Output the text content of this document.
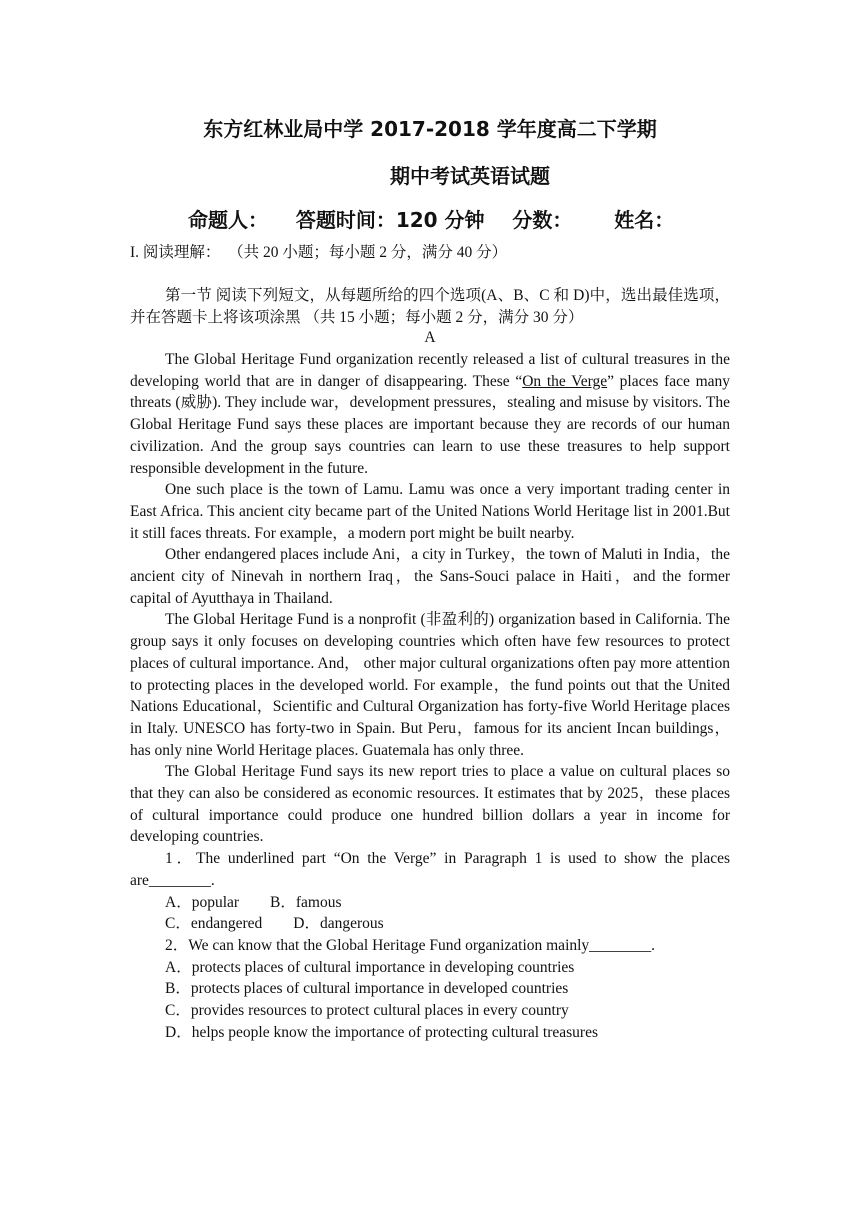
东方红林业局中学 2017-2018 学年度高二下学期
期中考试英语试题
命题人：    答题时间：120 分钟    分数：      姓名：
I. 阅读理解：  （共 20 小题；每小题 2 分，满分 40 分）
第一节 阅读下列短文，从每题所给的四个选项(A、B、C 和 D)中，选出最佳选项，并在答题卡上将该项涂黑 （共 15 小题；每小题 2 分，满分 30 分）
A

The Global Heritage Fund organization recently released a list of cultural treasures in the developing world that are in danger of disappearing. These “On the Verge” places face many threats (威胁). They include war，development pressures，stealing and misuse by visitors. The Global Heritage Fund says these places are important because they are records of our human civilization. And the group says countries can learn to use these treasures to help support responsible development in the future.

One such place is the town of Lamu. Lamu was once a very important trading center in East Africa. This ancient city became part of the United Nations World Heritage list in 2001.But it still faces threats. For example，a modern port might be built nearby.

Other endangered places include Ani，a city in Turkey，the town of Maluti in India，the ancient city of Ninevah in northern Iraq，the Sans-Souci palace in Haiti，and the former capital of Ayutthaya in Thailand.

The Global Heritage Fund is a nonprofit (非盈利的) organization based in California. The group says it only focuses on developing countries which often have few resources to protect places of cultural importance. And， other major cultural organizations often pay more attention to protecting places in the developed world. For example，the fund points out that the United Nations Educational，Scientific and Cultural Organization has forty-five World Heritage places in Italy. UNESCO has forty-two in Spain. But Peru，famous for its ancient Incan buildings，has only nine World Heritage places. Guatemala has only three.

The Global Heritage Fund says its new report tries to place a value on cultural places so that they can also be considered as economic resources. It estimates that by 2025，these places of cultural importance could produce one hundred billion dollars a year in income for developing countries.

1．The underlined part “On the Verge” in Paragraph 1 is used to show the places are________.

A．popular        B．famous
C．endangered        D．dangerous

2．We can know that the Global Heritage Fund organization mainly________.

A．protects places of cultural importance in developing countries
B．protects places of cultural importance in developed countries
C．provides resources to protect cultural places in every country
D．helps people know the importance of protecting cultural treasures
